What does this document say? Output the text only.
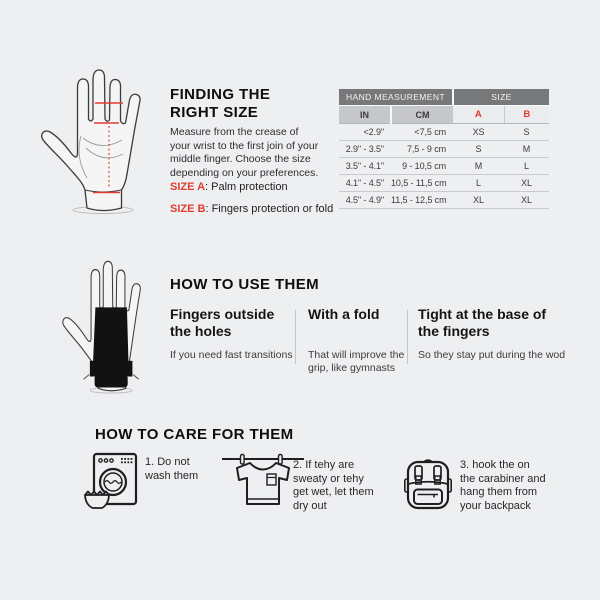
FINDING THE RIGHT SIZE
Measure from the crease of
your wrist to the first join of your
middle finger. Choose the size
depending on your preferences.
SIZE A: Palm protection
SIZE B: Fingers protection or fold
HAND MEASUREMENT		SIZE	
IN	CM	A	B
<2.9"	<7,5 cm	XS	S
2.9" - 3.5"	7,5 - 9 cm	S	M
3.5" - 4.1"	9 - 10,5 cm	M	L
4.1" - 4.5"	10,5 - 11,5 cm	L	XL
4.5" - 4.9"	11,5 - 12,5 cm	XL	XL
HOW TO USE THEM
Fingers outside
the holes
If you need fast transitions
With a fold
That will improve the
grip, like gymnasts
Tight at the base of
the fingers
So they stay put during the wod
HOW TO CARE FOR THEM
1. Do not
wash them
2. If tehy are
sweaty or tehy
get wet, let them
dry out
3. hook the on
the carabiner and
hang them from
your backpack
